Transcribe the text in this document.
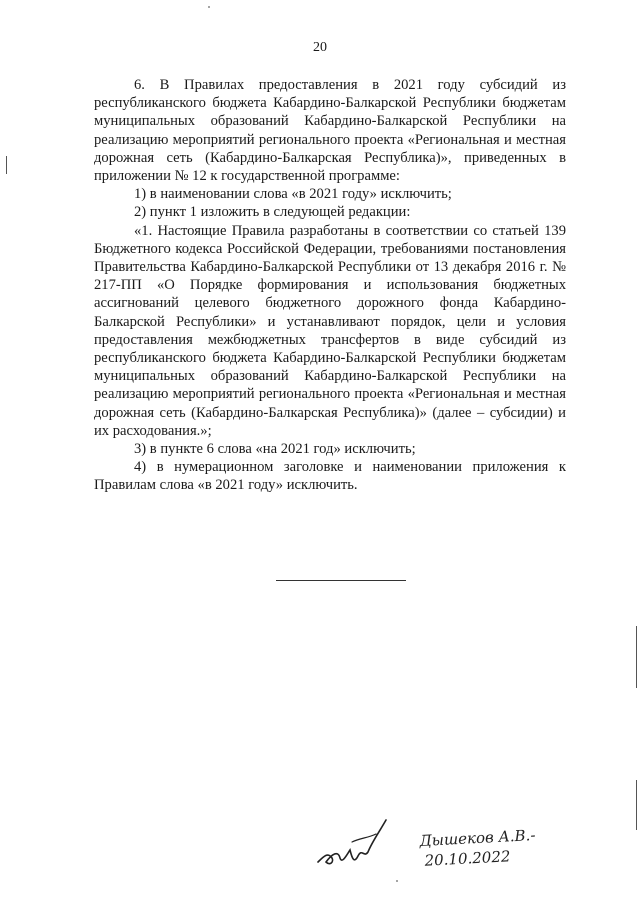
20

6. В Правилах предоставления в 2021 году субсидий из республиканского бюджета Кабардино-Балкарской Республики бюджетам муниципальных образований Кабардино-Балкарской Республики на реализацию мероприятий регионального проекта «Региональная и местная дорожная сеть (Кабардино-Балкарская Республика)», приведенных в приложении № 12 к государственной программе:

1) в наименовании слова «в 2021 году» исключить;

2) пункт 1 изложить в следующей редакции:

«1. Настоящие Правила разработаны в соответствии со статьей 139 Бюджетного кодекса Российской Федерации, требованиями постановления Правительства Кабардино-Балкарской Республики от 13 декабря 2016 г. № 217-ПП «О Порядке формирования и использования бюджетных ассигнований целевого бюджетного дорожного фонда Кабардино-Балкарской Республики» и устанавливают порядок, цели и условия предоставления межбюджетных трансфертов в виде субсидий из республиканского бюджета Кабардино-Балкарской Республики бюджетам муниципальных образований Кабардино-Балкарской Республики на реализацию мероприятий регионального проекта «Региональная и местная дорожная сеть (Кабардино-Балкарская Республика)» (далее – субсидии) и их расходования.»;

3) в пункте 6 слова «на 2021 год» исключить;

4) в нумерационном заголовке и наименовании приложения к Правилам слова «в 2021 году» исключить.

Дышеков А.В.-
20.10.2022
